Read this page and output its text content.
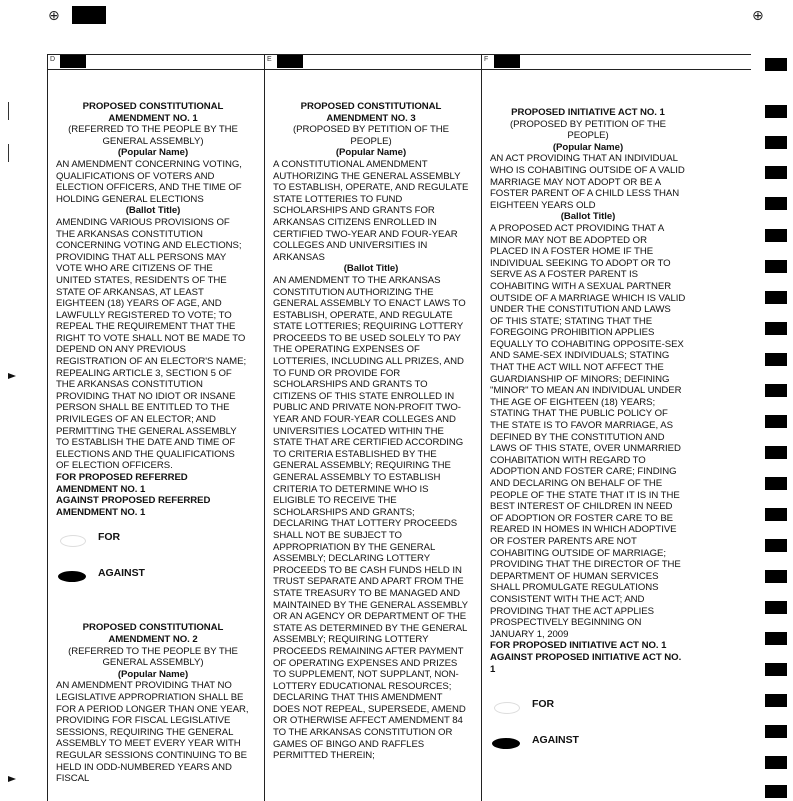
⊕	⊕
D	E	F
PROPOSED CONSTITUTIONAL
AMENDMENT NO. 1
(REFERRED TO THE PEOPLE BY THE
GENERAL ASSEMBLY)
(Popular Name)
AN AMENDMENT CONCERNING VOTING, QUALIFICATIONS OF VOTERS AND ELECTION OFFICERS, AND THE TIME OF HOLDING GENERAL ELECTIONS
(Ballot Title)
AMENDING VARIOUS PROVISIONS OF THE ARKANSAS CONSTITUTION CONCERNING VOTING AND ELECTIONS; PROVIDING THAT ALL PERSONS MAY VOTE WHO ARE CITIZENS OF THE UNITED STATES, RESIDENTS OF THE STATE OF ARKANSAS, AT LEAST EIGHTEEN (18) YEARS OF AGE, AND LAWFULLY REGISTERED TO VOTE; TO REPEAL THE REQUIREMENT THAT THE RIGHT TO VOTE SHALL NOT BE MADE TO DEPEND ON ANY PREVIOUS REGISTRATION OF AN ELECTOR'S NAME; REPEALING ARTICLE 3, SECTION 5 OF THE ARKANSAS CONSTITUTION PROVIDING THAT NO IDIOT OR INSANE PERSON SHALL BE ENTITLED TO THE PRIVILEGES OF AN ELECTOR; AND PERMITTING THE GENERAL ASSEMBLY TO ESTABLISH THE DATE AND TIME OF ELECTIONS AND THE QUALIFICATIONS OF ELECTION OFFICERS.
FOR PROPOSED REFERRED AMENDMENT NO. 1
AGAINST PROPOSED REFERRED AMENDMENT NO. 1
FOR
AGAINST
PROPOSED CONSTITUTIONAL
AMENDMENT NO. 2
(REFERRED TO THE PEOPLE BY THE
GENERAL ASSEMBLY)
(Popular Name)
AN AMENDMENT PROVIDING THAT NO LEGISLATIVE APPROPRIATION SHALL BE FOR A PERIOD LONGER THAN ONE YEAR, PROVIDING FOR FISCAL LEGISLATIVE SESSIONS, REQUIRING THE GENERAL ASSEMBLY TO MEET EVERY YEAR WITH REGULAR SESSIONS CONTINUING TO BE HELD IN ODD-NUMBERED YEARS AND FISCAL
PROPOSED CONSTITUTIONAL
AMENDMENT NO. 3
(PROPOSED BY PETITION OF THE
PEOPLE)
(Popular Name)
A CONSTITUTIONAL AMENDMENT AUTHORIZING THE GENERAL ASSEMBLY TO ESTABLISH, OPERATE, AND REGULATE STATE LOTTERIES TO FUND SCHOLARSHIPS AND GRANTS FOR ARKANSAS CITIZENS ENROLLED IN CERTIFIED TWO-YEAR AND FOUR-YEAR COLLEGES AND UNIVERSITIES IN ARKANSAS
(Ballot Title)
AN AMENDMENT TO THE ARKANSAS CONSTITUTION AUTHORIZING THE GENERAL ASSEMBLY TO ENACT LAWS TO ESTABLISH, OPERATE, AND REGULATE STATE LOTTERIES; REQUIRING LOTTERY PROCEEDS TO BE USED SOLELY TO PAY THE OPERATING EXPENSES OF LOTTERIES, INCLUDING ALL PRIZES, AND TO FUND OR PROVIDE FOR SCHOLARSHIPS AND GRANTS TO CITIZENS OF THIS STATE ENROLLED IN PUBLIC AND PRIVATE NON-PROFIT TWO-YEAR AND FOUR-YEAR COLLEGES AND UNIVERSITIES LOCATED WITHIN THE STATE THAT ARE CERTIFIED ACCORDING TO CRITERIA ESTABLISHED BY THE GENERAL ASSEMBLY; REQUIRING THE GENERAL ASSEMBLY TO ESTABLISH CRITERIA TO DETERMINE WHO IS ELIGIBLE TO RECEIVE THE SCHOLARSHIPS AND GRANTS; DECLARING THAT LOTTERY PROCEEDS SHALL NOT BE SUBJECT TO APPROPRIATION BY THE GENERAL ASSEMBLY; DECLARING LOTTERY PROCEEDS TO BE CASH FUNDS HELD IN TRUST SEPARATE AND APART FROM THE STATE TREASURY TO BE MANAGED AND MAINTAINED BY THE GENERAL ASSEMBLY OR AN AGENCY OR DEPARTMENT OF THE STATE AS DETERMINED BY THE GENERAL ASSEMBLY; REQUIRING LOTTERY PROCEEDS REMAINING AFTER PAYMENT OF OPERATING EXPENSES AND PRIZES TO SUPPLEMENT, NOT SUPPLANT, NON-LOTTERY EDUCATIONAL RESOURCES; DECLARING THAT THIS AMENDMENT DOES NOT REPEAL, SUPERSEDE, AMEND OR OTHERWISE AFFECT AMENDMENT 84 TO THE ARKANSAS CONSTITUTION OR GAMES OF BINGO AND RAFFLES PERMITTED THEREIN;
PROPOSED INITIATIVE ACT NO. 1
(PROPOSED BY PETITION OF THE
PEOPLE)
(Popular Name)
AN ACT PROVIDING THAT AN INDIVIDUAL WHO IS COHABITING OUTSIDE OF A VALID MARRIAGE MAY NOT ADOPT OR BE A FOSTER PARENT OF A CHILD LESS THAN EIGHTEEN YEARS OLD
(Ballot Title)
A PROPOSED ACT PROVIDING THAT A MINOR MAY NOT BE ADOPTED OR PLACED IN A FOSTER HOME IF THE INDIVIDUAL SEEKING TO ADOPT OR TO SERVE AS A FOSTER PARENT IS COHABITING WITH A SEXUAL PARTNER OUTSIDE OF A MARRIAGE WHICH IS VALID UNDER THE CONSTITUTION AND LAWS OF THIS STATE; STATING THAT THE FOREGOING PROHIBITION APPLIES EQUALLY TO COHABITING OPPOSITE-SEX AND SAME-SEX INDIVIDUALS; STATING THAT THE ACT WILL NOT AFFECT THE GUARDIANSHIP OF MINORS; DEFINING "MINOR" TO MEAN AN INDIVIDUAL UNDER THE AGE OF EIGHTEEN (18) YEARS; STATING THAT THE PUBLIC POLICY OF THE STATE IS TO FAVOR MARRIAGE, AS DEFINED BY THE CONSTITUTION AND LAWS OF THIS STATE, OVER UNMARRIED COHABITATION WITH REGARD TO ADOPTION AND FOSTER CARE; FINDING AND DECLARING ON BEHALF OF THE PEOPLE OF THE STATE THAT IT IS IN THE BEST INTEREST OF CHILDREN IN NEED OF ADOPTION OR FOSTER CARE TO BE REARED IN HOMES IN WHICH ADOPTIVE OR FOSTER PARENTS ARE NOT COHABITING OUTSIDE OF MARRIAGE; PROVIDING THAT THE DIRECTOR OF THE DEPARTMENT OF HUMAN SERVICES SHALL PROMULGATE REGULATIONS CONSISTENT WITH THE ACT; AND PROVIDING THAT THE ACT APPLIES PROSPECTIVELY BEGINNING ON JANUARY 1, 2009
FOR PROPOSED INITIATIVE ACT NO. 1
AGAINST PROPOSED INITIATIVE ACT NO. 1
FOR
AGAINST
